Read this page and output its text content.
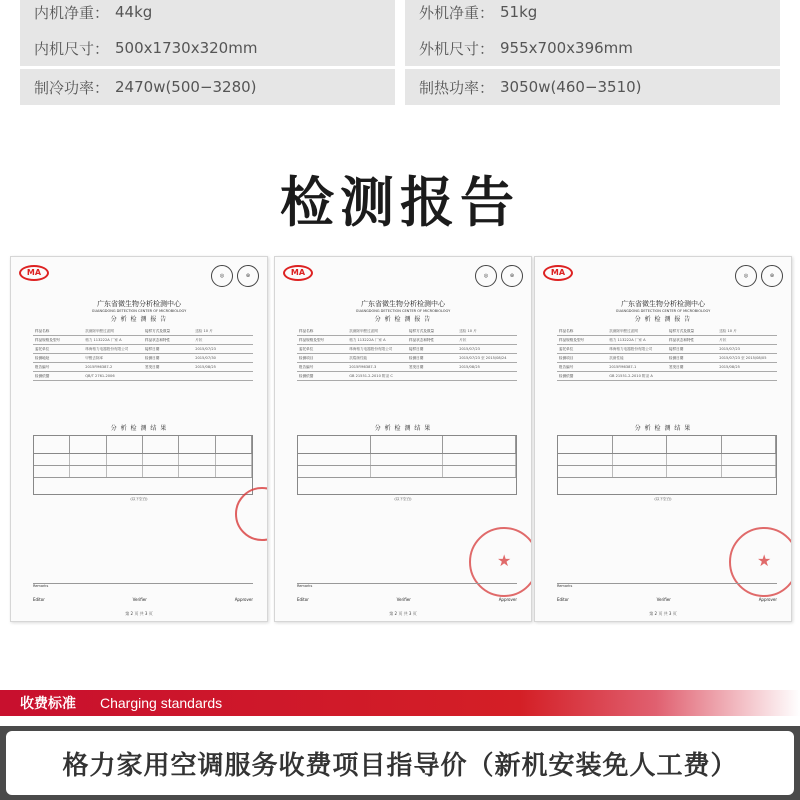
内机净重： 44kg	外机净重： 51kg
内机尺寸： 500x1730x320mm	外机尺寸： 955x700x396mm
制冷功率： 2470w(500−3280)	制热功率： 3050w(460−3510)
检测报告
MA	◎	⊛
广东省微生物分析检测中心
GUANGDONG DETECTION CENTER OF MICROBIOLOGY
分 析 检 测 报 告
样品名称	抗菌除甲醛过滤网	接样方式及数量	送检 10 片
样品规格及型号	格力 113222A 厂家 A	样品状态和特性	片状
委托单位	珠海格力电器股份有限公司	接样日期	2015/07/23
检测地址	甲醛去除率	检测日期	2015/07/30
报告编号	2015FM6387-2	签发日期	2015/08/25
检测依据	QB/T 2761-2006
分 析 检 测 结 果
(以下空白)
Remarks
Editor	Verifier	Approver
第 2 页 共 3 页
MA	◎	⊛
广东省微生物分析检测中心
GUANGDONG DETECTION CENTER OF MICROBIOLOGY
分 析 检 测 报 告
样品名称	抗菌除甲醛过滤网	接样方式及数量	送检 10 片
样品规格及型号	格力 113222A 厂家 A	样品状态和特性	片状
委托单位	珠海格力电器股份有限公司	接样日期	2015/07/23
检测项目	抗霉菌性能	检测日期	2015/07/23 至 2015/08/24
报告编号	2015FM6387-3	签发日期	2015/08/25
检测依据	GB 21551.2-2010 附录 C
分 析 检 测 结 果
(以下空白)
★
Remarks
Editor	Verifier	Approver
第 2 页 共 3 页
MA	◎	⊛
广东省微生物分析检测中心
GUANGDONG DETECTION CENTER OF MICROBIOLOGY
分 析 检 测 报 告
样品名称	抗菌除甲醛过滤网	接样方式及数量	送检 10 片
样品规格及型号	格力 113222A 厂家 A	样品状态和特性	片状
委托单位	珠海格力电器股份有限公司	接样日期	2015/07/23
检测项目	抗菌性能	检测日期	2015/07/23 至 2015/08/05
报告编号	2015FM6387-1	签发日期	2015/08/25
检测依据	GB 21551.2-2010 附录 A
分 析 检 测 结 果
(以下空白)
★
Remarks
Editor	Verifier	Approver
第 2 页 共 3 页
收费标准 Charging standards
格力家用空调服务收费项目指导价（新机安装免人工费）
